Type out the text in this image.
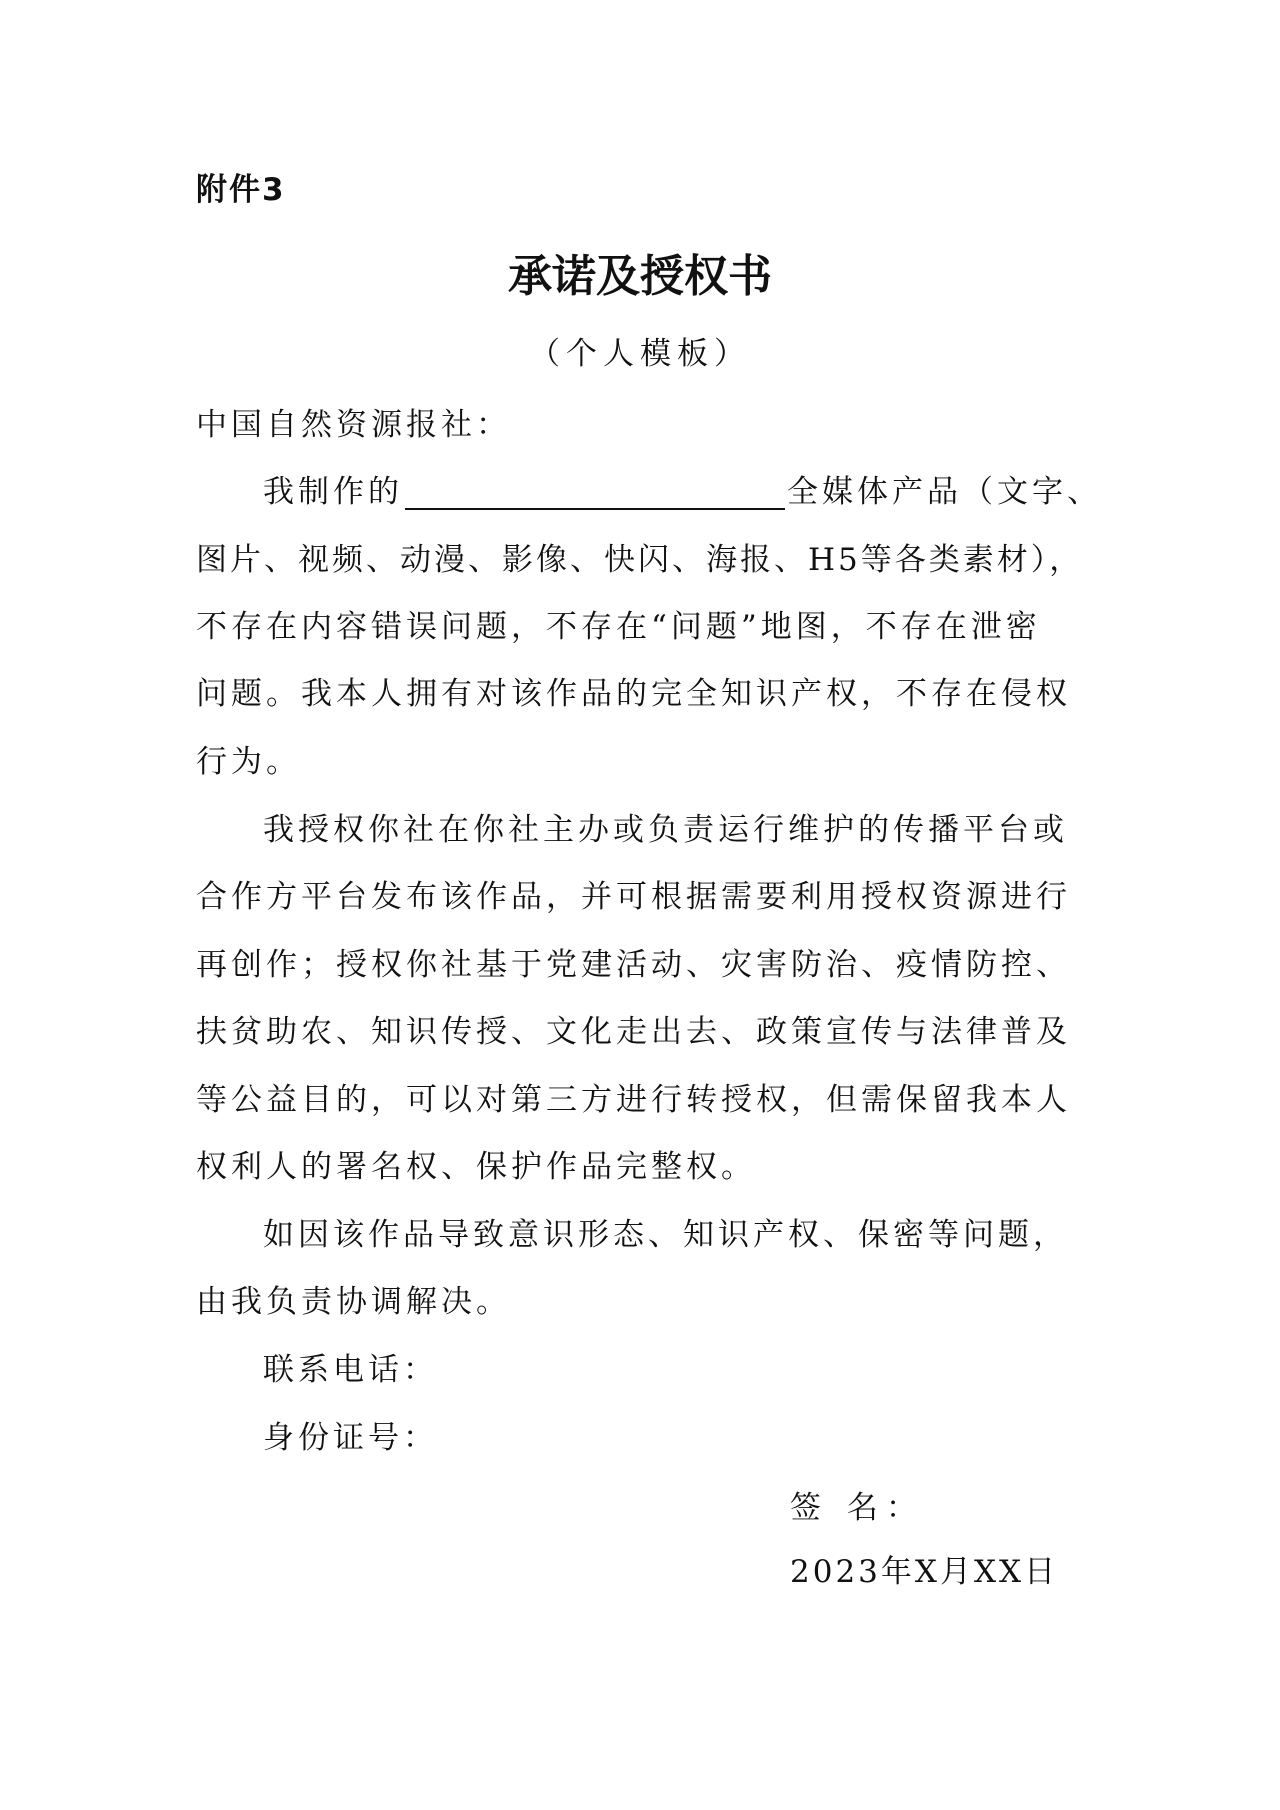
附件3
承诺及授权书
（个人模板）
中国自然资源报社：
我制作的	全媒体产品（文字、
图片、视频、动漫、影像、快闪、海报、H5等各类素材），
不存在内容错误问题，不存在“问题”地图，不存在泄密
问题。我本人拥有对该作品的完全知识产权，不存在侵权
行为。
我授权你社在你社主办或负责运行维护的传播平台或
合作方平台发布该作品，并可根据需要利用授权资源进行
再创作；授权你社基于党建活动、灾害防治、疫情防控、
扶贫助农、知识传授、文化走出去、政策宣传与法律普及
等公益目的，可以对第三方进行转授权，但需保留我本人
权利人的署名权、保护作品完整权。
如因该作品导致意识形态、知识产权、保密等问题，
由我负责协调解决。
联系电话：
身份证号：
签 名：
2023年X月XX日
